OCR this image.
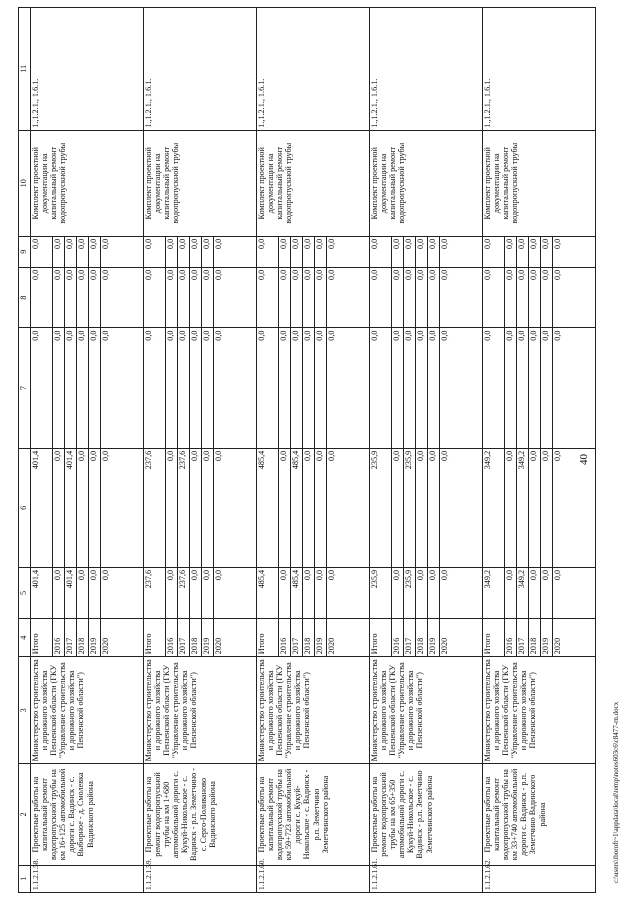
1	2	3	4	5	6	7	8	9	10	11
1.1.2.1.58.	Проектные работы на капитальный ремонт водопропускной трубы на км 16+125 автомобильной дороги с. Вадинск - с. Выборное - д. Смолевка Вадинского района	Министерство строительства и дорожного хозяйства Пензенской области (ГКУ "Управление строительства и дорожного хозяйства Пензенской области")	Итого	401,4	401,4	0,0	0,0	0,0	Комплект проектной документации на капитальный ремонт водопропускной трубы	1.,1.2.1., 1.6.1.
			2016	0,0	0,0	0,0	0,0	0,0		
			2017	401,4	401,4	0,0	0,0	0,0		
			2018	0,0	0,0	0,0	0,0	0,0		
			2019	0,0	0,0	0,0	0,0	0,0		
			2020	0,0	0,0	0,0	0,0	0,0		
1.1.2.1.59.	Проектные работы на ремонт водопропускной трубы на км 1+680 автомобильной дороги с. Кукуй-Никольское - с. Вадинск - р.п. Земетчино - с. Серго-Поливаново Вадинского района	Министерство строительства и дорожного хозяйства Пензенской области (ГКУ "Управление строительства и дорожного хозяйства Пензенской области")	Итого	237,6	237,6	0,0	0,0	0,0	Комплект проектной документации на капитальный ремонт водопропускной трубы	1.,1.2.1., 1.6.1.
			2016	0,0	0,0	0,0	0,0	0,0		
			2017	237,6	237,6	0,0	0,0	0,0		
			2018	0,0	0,0	0,0	0,0	0,0		
			2019	0,0	0,0	0,0	0,0	0,0		
			2020	0,0	0,0	0,0	0,0	0,0		
1.1.2.1.60.	Проектные работы на капитальный ремонт водопропускной трубы на км 59+723 автомобильной дороги с. Кукуй-Никольское - с. Вадинск - р.п. Земетчино Земетчинского района	Министерство строительства и дорожного хозяйства Пензенской области (ГКУ "Управление строительства и дорожного хозяйства Пензенской области")	Итого	485,4	485,4	0,0	0,0	0,0	Комплект проектной документации на капитальный ремонт водопропускной трубы	1.,1.2.1., 1.6.1.
			2016	0,0	0,0	0,0	0,0	0,0		
			2017	485,4	485,4	0,0	0,0	0,0		
			2018	0,0	0,0	0,0	0,0	0,0		
			2019	0,0	0,0	0,0	0,0	0,0		
			2020	0,0	0,0	0,0	0,0	0,0		
1.1.2.1.61.	Проектные работы на ремонт водопропускной трубы на км 65+350 автомобильной дороги с. Кукуй-Никольское - с. Вадинск - р.п. Земетчино Земетчинского района	Министерство строительства и дорожного хозяйства Пензенской области (ГКУ "Управление строительства и дорожного хозяйства Пензенской области")	Итого	235,9	235,9	0,0	0,0	0,0	Комплект проектной документации на капитальный ремонт водопропускной трубы	1.,1.2.1., 1.6.1.
			2016	0,0	0,0	0,0	0,0	0,0		
			2017	235,9	235,9	0,0	0,0	0,0		
			2018	0,0	0,0	0,0	0,0	0,0		
			2019	0,0	0,0	0,0	0,0	0,0		
			2020	0,0	0,0	0,0	0,0	0,0		
1.1.2.1.62.	Проектные работы на капитальный ремонт водопропускной трубы на км 33+740 автомобильной дороги с. Вадинск - р.п. Земетчино Вадинского района	Министерство строительства и дорожного хозяйства Пензенской области (ГКУ "Управление строительства и дорожного хозяйства Пензенской области")	Итого	349,2	349,2	0,0	0,0	0,0	Комплект проектной документации на капитальный ремонт водопропускной трубы	1.,1.2.1., 1.6.1.
			2016	0,0	0,0	0,0	0,0	0,0		
			2017	349,2	349,2	0,0	0,0	0,0		
			2018	0,0	0,0	0,0	0,0	0,0		
			2019	0,0	0,0	0,0	0,0	0,0		
			2020	0,0	0,0	0,0	0,0	0,0		
40
c:\users\iboroft~1\appdata\local\temp\notes603c6\c8477-rn.docx
